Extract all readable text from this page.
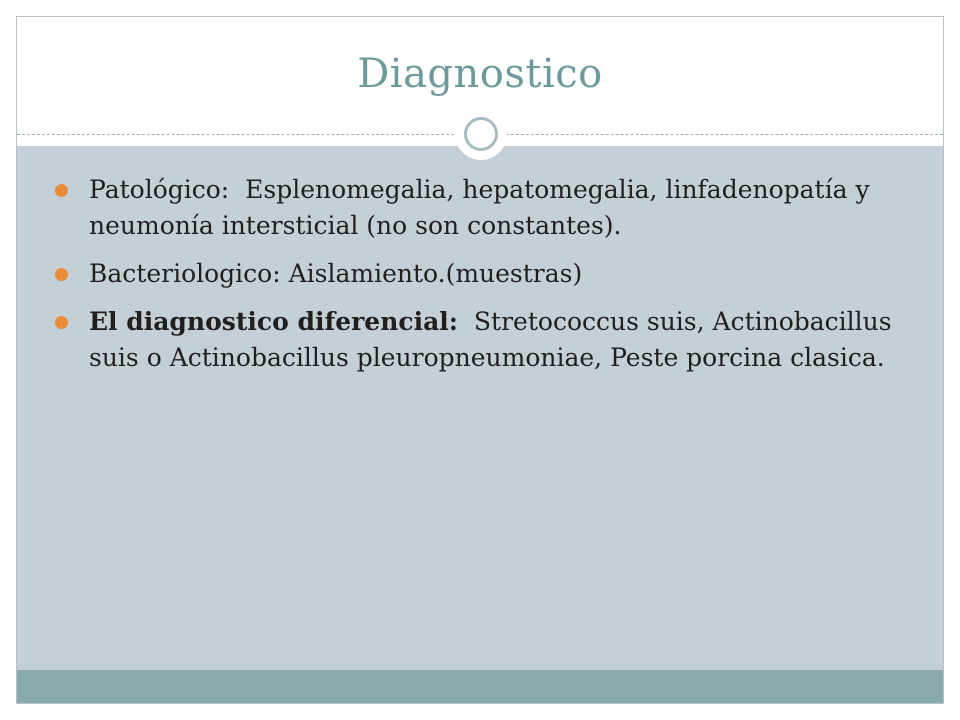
Diagnostico
Patológico:  Esplenomegalia, hepatomegalia, linfadenopatía y neumonía intersticial (no son constantes).
Bacteriologico: Aislamiento.(muestras)
El diagnostico diferencial:  Stretococcus suis, Actinobacillus suis o Actinobacillus pleuropneumoniae, Peste porcina clasica.
